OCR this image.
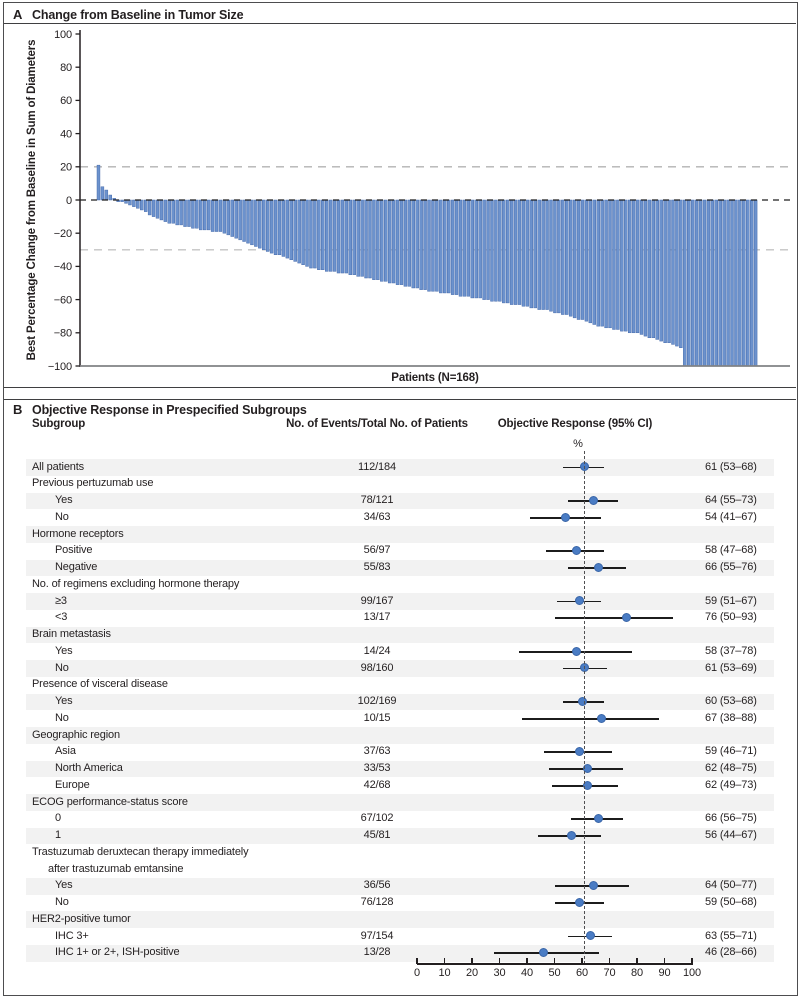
A Change from Baseline in Tumor Size
100
80
60
40
20
0
−20
−40
−60
−80
−100
Patients (N=168)
Best Percentage Change from Baseline in Sum of Diameters
B Objective Response in Prespecified Subgroups
Subgroup	No. of Events/Total No. of Patients	Objective Response (95% CI)
%
All patients	112/184	61 (53–68)
Previous pertuzumab use
Yes	78/121	64 (55–73)
No	34/63	54 (41–67)
Hormone receptors
Positive	56/97	58 (47–68)
Negative	55/83	66 (55–76)
No. of regimens excluding hormone therapy
≥3	99/167	59 (51–67)
<3	13/17	76 (50–93)
Brain metastasis
Yes	14/24	58 (37–78)
No	98/160	61 (53–69)
Presence of visceral disease
Yes	102/169	60 (53–68)
No	10/15	67 (38–88)
Geographic region
Asia	37/63	59 (46–71)
North America	33/53	62 (48–75)
Europe	42/68	62 (49–73)
ECOG performance-status score
0	67/102	66 (56–75)
1	45/81	56 (44–67)
Trastuzumab deruxtecan therapy immediately
after trastuzumab emtansine
Yes	36/56	64 (50–77)
No	76/128	59 (50–68)
HER2-positive tumor
IHC 3+	97/154	63 (55–71)
IHC 1+ or 2+, ISH-positive	13/28	46 (28–66)
0	10	20	30	40	50	60	70	80	90	100
